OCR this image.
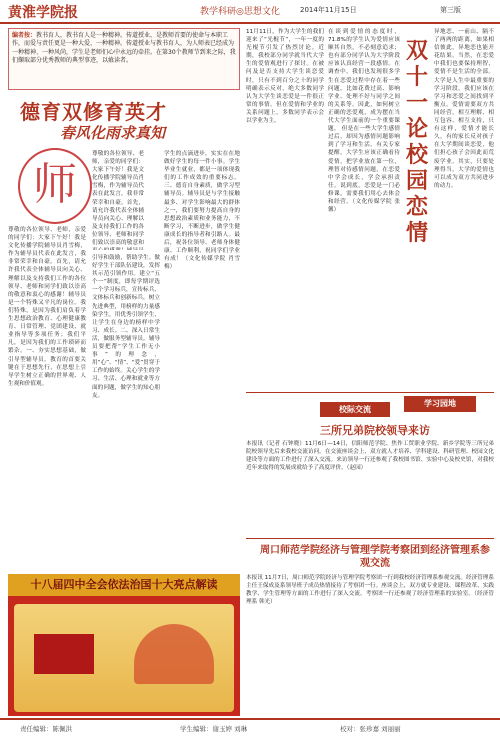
黄淮学院报	教学科研◎思想文化	2014年11月15日	第三版
编者按：教书育人，教书育人是一种精神。传道授业，是教师首要的使命与本职工作，而爱与责任更是一种大爱、一种精神。传道授业与教书育人，为人师表已经成为一种精神、一种风尚，学生是老师们心中永远的牵挂。在第30个教师节到来之际，我们撷取部分优秀教师的典型事迹，以飨读者。
德育双修育英才
春风化雨求真知
师
尊敬的各位领导、老师，亲爱的同学们：大家下午好！我是文化传播学院辅导员肖雪梅，作为辅导员代表在此发言，我非常荣幸和自豪。首先，请允许我代表全体辅导员向关心、理解以及支持我们工作的各位领导、老师和同学们致以崇高的敬意和
尊敬的各位领导、老师，亲爱的同学们：大家下午好！我是文化传播学院辅导员肖雪梅，作为辅导员代表在此发言，我非常荣幸和自豪。首先，请允许我代表全体辅导员向关心、理解以及支持我们工作的各位领导、老师和同学们致以崇高的敬意和衷心的感谢！辅导员是一个特殊又平凡的岗位。我们特殊，是因为我们肩负着学生思想政治教育、心理健康教育、日常管理、党团建设、就业指导等多项任务；我们平凡，是因为我们的工作琐碎而繁杂。一、夯实思想基础，做引导型辅导员。教育的首要关键在于思想先行，在思想上引导学生树立正确的世界观、人生观和价值观。
引导和鼓励，帮助学生。做好学生干部队伍建设，发挥其示范引领作用。建立“五个一”制度，即每学期评选一个学习标兵，宣传标兵、文体标兵和创新标兵，树立先进典型，用榜样的力量感染学生，用优秀引领学生，让学生在身边的榜样中学习、成长。二、深入日常生活，做服务型辅导员。辅导员要把帮“学生工作无小事”的理念，用“心”、“情”、“爱”贯穿于工作的始终。关心学生的学习、生活、心理和就业等方面的问题，做学生的知心朋友。
学生的点滴进步，实实在在地做好学生的每一件小事。学生毕业生就业，都是一项体现我们的工作成效的重要标志。三、德育自身素质，做学习型辅导员。辅导员是与学生接触最多、对学生影响最大的群体之一，我们要努力提高自身的思想政治素质和业务能力，不断学习，不断进步，做学生健康成长的指导者和引路人。最后，祝各位领导、老师身体健康、工作顺利，祝同学们学业有成！（文化传媒学院 肖雪梅）
11月11日，作为大学生的我们迎来了“光棍节”，一年一度的光棍节引发了热烈讨论。近期，我校部分同学就当代大学生的爱情观进行了探讨。在被问及是否支持大学生谈恋爱时，只有不到百分之十的同学明确表示反对，绝大多数同学认为大学生谈恋爱是一件很正常的事情。但在爱情和学业的关系问题上，多数同学表示会以学业为主。
在谈到爱情的态度时，71.8%的学生认为爱情应该顺其自然，不必刻意追求；也有部分同学认为大学阶段应该认真经营一段感情。在调查中，我们也发现很多学生在恋爱过程中存在着一些问题，比如花费过高、影响学业、处理不好与同学之间的关系等。因此，如何树立正确的恋爱观，成为摆在当代大学生面前的一个重要课题。 但是在一些大学生感情过后，却因为感情问题影响到了学习和生活。有关专家提醒，大学生应该正确看待爱情，把学业放在第一位，理智对待感情问题，在恋爱中学会成长，学会承担责任。说到底，恋爱是一门必修课，需要我们用心去体会和经营。（文化传媒学院 张馨）
双十一论校园恋情
异地恋、一前山、隔不了两两的距离，如果相信彼此，异地恋也能开花结果。当然，在恋爱中我们也要保持理智，爱情不是生活的全部。大学是人生中最重要的学习阶段，我们应该在学习和恋爱之间找到平衡点。爱情需要双方共同经营，相互理解、相互包容、相互支持，只有这样，爱情才能长久。有的家长反对孩子在大学期间谈恋爱，他们担心孩子会因此而荒废学业。其实，只要处理得当，大学的爱情也可以成为双方共同进步的动力。
学习园地
校际交流
三所兄弟院校领导来访
本报讯（记者 石钟晓）11月6日—14日，信阳师范学院、焦作工贸职业学院、新乡学院等三所兄弟院校领导先后来我校交流访问。在交流座谈会上，双方就人才培养、学科建设、科研管理、校园文化建设等方面的工作进行了深入交流。来访领导一行还参观了我校图书馆、实验中心及校史馆，对我校近年来取得的发展成就给予了高度评价。（赵园）
周口师范学院经济与管理学院考察团到经济管理系参观交流
本报讯 11月7日，周口师范学院经济与管理学院考察团一行到我校经济管理系参观交流。经济管理系主任王保成及系领导班子成员热情接待了考察团一行。座谈会上，双方就专业建设、课程改革、实践教学、学生管理等方面的工作进行了深入交流。考察团一行还参观了经济管理系的实验室。（经济管理系 韩光）
十八届四中全会依法治国十大亮点解读
责任编辑：陈佩洪	学生编辑：谢玉婷 刘琳	校对：张珍嘉 刘丽丽
